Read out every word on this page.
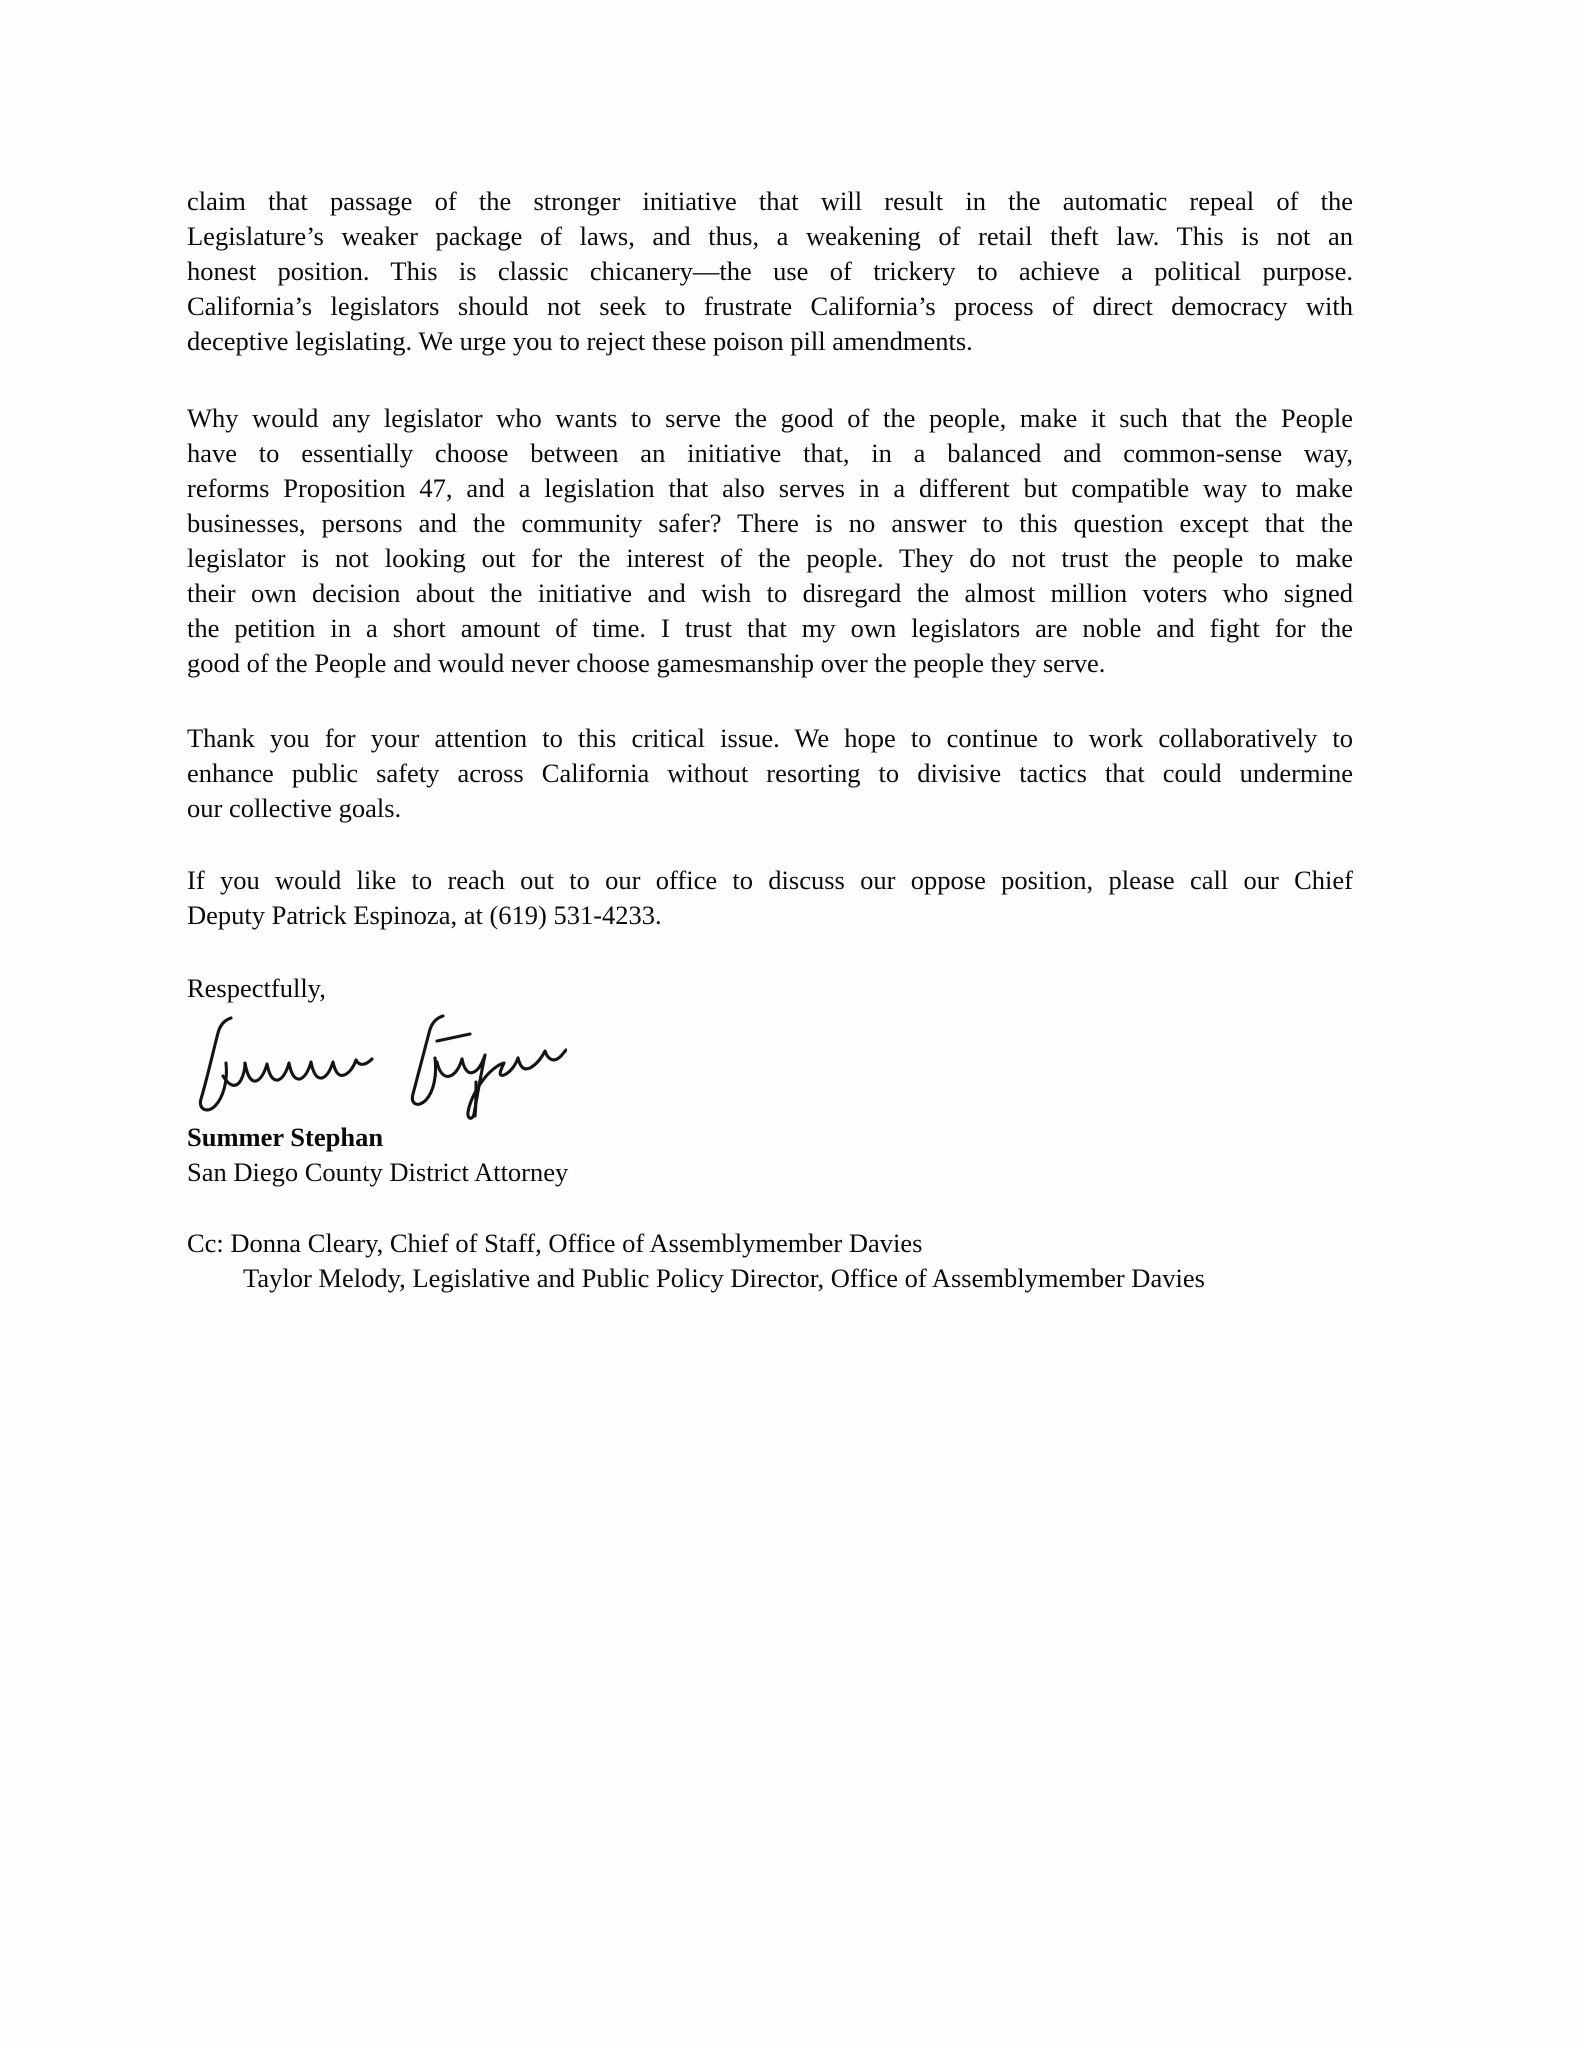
claim that passage of the stronger initiative that will result in the automatic repeal of the
Legislature’s weaker package of laws, and thus, a weakening of retail theft law. This is not an
honest position. This is classic chicanery—the use of trickery to achieve a political purpose.
California’s legislators should not seek to frustrate California’s process of direct democracy with
deceptive legislating. We urge you to reject these poison pill amendments.
Why would any legislator who wants to serve the good of the people, make it such that the People
have to essentially choose between an initiative that, in a balanced and common-sense way,
reforms Proposition 47, and a legislation that also serves in a different but compatible way to make
businesses, persons and the community safer? There is no answer to this question except that the
legislator is not looking out for the interest of the people. They do not trust the people to make
their own decision about the initiative and wish to disregard the almost million voters who signed
the petition in a short amount of time. I trust that my own legislators are noble and fight for the
good of the People and would never choose gamesmanship over the people they serve.
Thank you for your attention to this critical issue. We hope to continue to work collaboratively to
enhance public safety across California without resorting to divisive tactics that could undermine
our collective goals.
If you would like to reach out to our office to discuss our oppose position, please call our Chief
Deputy Patrick Espinoza, at (619) 531-4233.
Respectfully,
Summer Stephan
San Diego County District Attorney
Cc: Donna Cleary, Chief of Staff, Office of Assemblymember Davies
Taylor Melody, Legislative and Public Policy Director, Office of Assemblymember Davies
